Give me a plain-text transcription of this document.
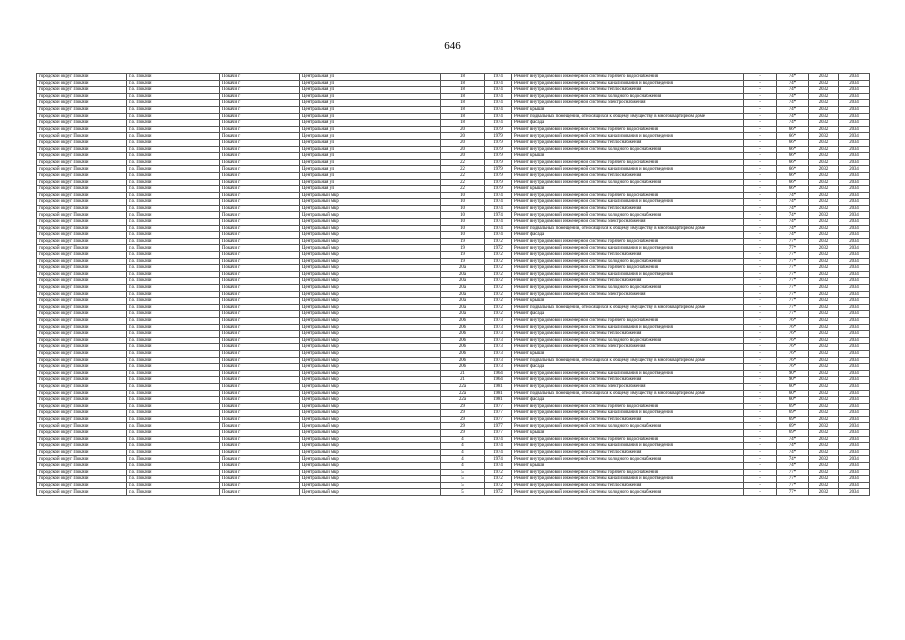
646
городской округ Покачи	г.о. Покачи	Покачи г	Центральная ул	18	1974	Ремонт внутридомовой инженерной системы горячего водоснабжения	-	74*	2032	2034
городской округ Покачи	г.о. Покачи	Покачи г	Центральная ул	18	1974	Ремонт внутридомовой инженерной системы канализования и водоотведения	-	74*	2032	2034
городской округ Покачи	г.о. Покачи	Покачи г	Центральная ул	18	1974	Ремонт внутридомовой инженерной системы теплоснабжения	-	74*	2032	2034
городской округ Покачи	г.о. Покачи	Покачи г	Центральная ул	18	1974	Ремонт внутридомовой инженерной системы холодного водоснабжения	-	74*	2032	2034
городской округ Покачи	г.о. Покачи	Покачи г	Центральная ул	18	1974	Ремонт внутридомовой инженерной системы электроснабжения	-	74*	2032	2034
городской округ Покачи	г.о. Покачи	Покачи г	Центральная ул	18	1974	Ремонт крыши	-	74*	2032	2034
городской округ Покачи	г.о. Покачи	Покачи г	Центральная ул	18	1974	Ремонт подвальных помещений, относящихся к общему имуществу в многоквартирном доме	-	74*	2032	2034
городской округ Покачи	г.о. Покачи	Покачи г	Центральная ул	18	1974	Ремонт фасада	-	74*	2032	2034
городской округ Покачи	г.о. Покачи	Покачи г	Центральная ул	20	1979	Ремонт внутридомовой инженерной системы горячего водоснабжения	-	66*	2032	2034
городской округ Покачи	г.о. Покачи	Покачи г	Центральная ул	20	1979	Ремонт внутридомовой инженерной системы канализования и водоотведения	-	66*	2032	2034
городской округ Покачи	г.о. Покачи	Покачи г	Центральная ул	20	1979	Ремонт внутридомовой инженерной системы теплоснабжения	-	66*	2032	2034
городской округ Покачи	г.о. Покачи	Покачи г	Центральная ул	20	1979	Ремонт внутридомовой инженерной системы холодного водоснабжения	-	66*	2032	2034
городской округ Покачи	г.о. Покачи	Покачи г	Центральная ул	20	1979	Ремонт крыши	-	66*	2032	2034
городской округ Покачи	г.о. Покачи	Покачи г	Центральная ул	22	1979	Ремонт внутридомовой инженерной системы горячего водоснабжения	-	66*	2032	2034
городской округ Покачи	г.о. Покачи	Покачи г	Центральная ул	22	1979	Ремонт внутридомовой инженерной системы канализования и водоотведения	-	66*	2032	2034
городской округ Покачи	г.о. Покачи	Покачи г	Центральная ул	22	1979	Ремонт внутридомовой инженерной системы теплоснабжения	-	66*	2032	2034
городской округ Покачи	г.о. Покачи	Покачи г	Центральная ул	22	1979	Ремонт внутридомовой инженерной системы холодного водоснабжения	-	66*	2032	2034
городской округ Покачи	г.о. Покачи	Покачи г	Центральная ул	22	1979	Ремонт крыши	-	66*	2032	2034
городской округ Покачи	г.о. Покачи	Покачи г	Центральный мкр	10	1974	Ремонт внутридомовой инженерной системы горячего водоснабжения	-	74*	2032	2034
городской округ Покачи	г.о. Покачи	Покачи г	Центральный мкр	10	1974	Ремонт внутридомовой инженерной системы канализования и водоотведения	-	74*	2032	2034
городской округ Покачи	г.о. Покачи	Покачи г	Центральный мкр	10	1974	Ремонт внутридомовой инженерной системы теплоснабжения	-	74*	2032	2034
городской округ Покачи	г.о. Покачи	Покачи г	Центральный мкр	10	1974	Ремонт внутридомовой инженерной системы холодного водоснабжения	-	74*	2032	2034
городской округ Покачи	г.о. Покачи	Покачи г	Центральный мкр	10	1974	Ремонт внутридомовой инженерной системы электроснабжения	-	74*	2032	2034
городской округ Покачи	г.о. Покачи	Покачи г	Центральный мкр	10	1974	Ремонт подвальных помещений, относящихся к общему имуществу в многоквартирном доме	-	74*	2032	2034
городской округ Покачи	г.о. Покачи	Покачи г	Центральный мкр	10	1974	Ремонт фасада	-	74*	2032	2034
городской округ Покачи	г.о. Покачи	Покачи г	Центральный мкр	19	1972	Ремонт внутридомовой инженерной системы горячего водоснабжения	-	77*	2032	2034
городской округ Покачи	г.о. Покачи	Покачи г	Центральный мкр	19	1972	Ремонт внутридомовой инженерной системы канализования и водоотведения	-	77*	2032	2034
городской округ Покачи	г.о. Покачи	Покачи г	Центральный мкр	19	1972	Ремонт внутридомовой инженерной системы теплоснабжения	-	77*	2032	2034
городской округ Покачи	г.о. Покачи	Покачи г	Центральный мкр	19	1972	Ремонт внутридомовой инженерной системы холодного водоснабжения	-	77*	2032	2034
городской округ Покачи	г.о. Покачи	Покачи г	Центральный мкр	20а	1972	Ремонт внутридомовой инженерной системы горячего водоснабжения	-	77*	2032	2034
городской округ Покачи	г.о. Покачи	Покачи г	Центральный мкр	20а	1972	Ремонт внутридомовой инженерной системы канализования и водоотведения	-	77*	2032	2034
городской округ Покачи	г.о. Покачи	Покачи г	Центральный мкр	20а	1972	Ремонт внутридомовой инженерной системы теплоснабжения	-	77*	2032	2034
городской округ Покачи	г.о. Покачи	Покачи г	Центральный мкр	20а	1972	Ремонт внутридомовой инженерной системы холодного водоснабжения	-	77*	2032	2034
городской округ Покачи	г.о. Покачи	Покачи г	Центральный мкр	20а	1972	Ремонт внутридомовой инженерной системы электроснабжения	-	77*	2032	2034
городской округ Покачи	г.о. Покачи	Покачи г	Центральный мкр	20а	1972	Ремонт крыши	-	77*	2032	2034
городской округ Покачи	г.о. Покачи	Покачи г	Центральный мкр	20а	1972	Ремонт подвальных помещений, относящихся к общему имуществу в многоквартирном доме	-	77*	2032	2034
городской округ Покачи	г.о. Покачи	Покачи г	Центральный мкр	20а	1972	Ремонт фасада	-	77*	2032	2034
городской округ Покачи	г.о. Покачи	Покачи г	Центральный мкр	20б	1973	Ремонт внутридомовой инженерной системы горячего водоснабжения	-	76*	2032	2034
городской округ Покачи	г.о. Покачи	Покачи г	Центральный мкр	20б	1973	Ремонт внутридомовой инженерной системы канализования и водоотведения	-	76*	2032	2034
городской округ Покачи	г.о. Покачи	Покачи г	Центральный мкр	20б	1973	Ремонт внутридомовой инженерной системы теплоснабжения	-	76*	2032	2034
городской округ Покачи	г.о. Покачи	Покачи г	Центральный мкр	20б	1973	Ремонт внутридомовой инженерной системы холодного водоснабжения	-	76*	2032	2034
городской округ Покачи	г.о. Покачи	Покачи г	Центральный мкр	20б	1973	Ремонт внутридомовой инженерной системы электроснабжения	-	76*	2032	2034
городской округ Покачи	г.о. Покачи	Покачи г	Центральный мкр	20б	1973	Ремонт крыши	-	76*	2032	2034
городской округ Покачи	г.о. Покачи	Покачи г	Центральный мкр	20б	1973	Ремонт подвальных помещений, относящихся к общему имуществу в многоквартирном доме	-	76*	2032	2034
городской округ Покачи	г.о. Покачи	Покачи г	Центральный мкр	20б	1973	Ремонт фасада	-	76*	2032	2034
городской округ Покачи	г.о. Покачи	Покачи г	Центральный мкр	21	1964	Ремонт внутридомовой инженерной системы канализования и водоотведения	-	90*	2032	2034
городской округ Покачи	г.о. Покачи	Покачи г	Центральный мкр	21	1964	Ремонт внутридомовой инженерной системы теплоснабжения	-	90*	2032	2034
городской округ Покачи	г.о. Покачи	Покачи г	Центральный мкр	22а	1981	Ремонт внутридомовой инженерной системы электроснабжения	-	60*	2032	2034
городской округ Покачи	г.о. Покачи	Покачи г	Центральный мкр	22а	1981	Ремонт подвальных помещений, относящихся к общему имуществу в многоквартирном доме	-	60*	2032	2034
городской округ Покачи	г.о. Покачи	Покачи г	Центральный мкр	22а	1981	Ремонт фасада	-	60*	2032	2034
городской округ Покачи	г.о. Покачи	Покачи г	Центральный мкр	29	1977	Ремонт внутридомовой инженерной системы горячего водоснабжения	-	69*	2032	2034
городской округ Покачи	г.о. Покачи	Покачи г	Центральный мкр	29	1977	Ремонт внутридомовой инженерной системы канализования и водоотведения	-	69*	2032	2034
городской округ Покачи	г.о. Покачи	Покачи г	Центральный мкр	29	1977	Ремонт внутридомовой инженерной системы теплоснабжения	-	69*	2032	2034
городской округ Покачи	г.о. Покачи	Покачи г	Центральный мкр	29	1977	Ремонт внутридомовой инженерной системы холодного водоснабжения	-	69*	2032	2034
городской округ Покачи	г.о. Покачи	Покачи г	Центральный мкр	29	1977	Ремонт крыши	-	69*	2032	2034
городской округ Покачи	г.о. Покачи	Покачи г	Центральный мкр	4	1974	Ремонт внутридомовой инженерной системы горячего водоснабжения	-	74*	2032	2034
городской округ Покачи	г.о. Покачи	Покачи г	Центральный мкр	4	1974	Ремонт внутридомовой инженерной системы канализования и водоотведения	-	74*	2032	2034
городской округ Покачи	г.о. Покачи	Покачи г	Центральный мкр	4	1974	Ремонт внутридомовой инженерной системы теплоснабжения	-	74*	2032	2034
городской округ Покачи	г.о. Покачи	Покачи г	Центральный мкр	4	1974	Ремонт внутридомовой инженерной системы холодного водоснабжения	-	74*	2032	2034
городской округ Покачи	г.о. Покачи	Покачи г	Центральный мкр	4	1974	Ремонт крыши	-	74*	2032	2034
городской округ Покачи	г.о. Покачи	Покачи г	Центральный мкр	5	1972	Ремонт внутридомовой инженерной системы горячего водоснабжения	-	77*	2032	2034
городской округ Покачи	г.о. Покачи	Покачи г	Центральный мкр	5	1972	Ремонт внутридомовой инженерной системы канализования и водоотведения	-	77*	2032	2034
городской округ Покачи	г.о. Покачи	Покачи г	Центральный мкр	5	1972	Ремонт внутридомовой инженерной системы теплоснабжения	-	77*	2032	2034
городской округ Покачи	г.о. Покачи	Покачи г	Центральный мкр	5	1972	Ремонт внутридомовой инженерной системы холодного водоснабжения	-	77*	2032	2034
